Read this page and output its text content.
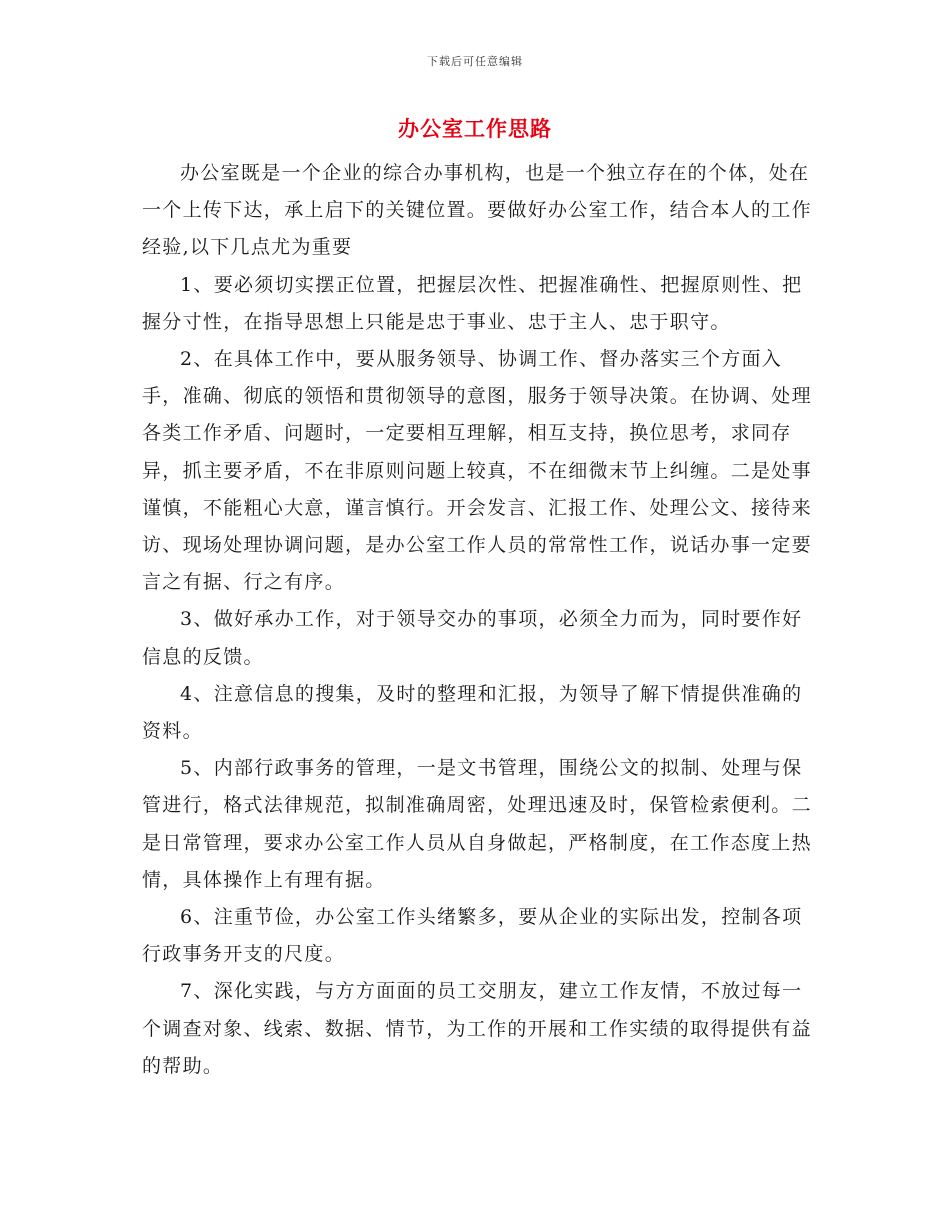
下载后可任意编辑
办公室工作思路

办公室既是一个企业的综合办事机构，也是一个独立存在的个体，处在一个上传下达，承上启下的关键位置。要做好办公室工作，结合本人的工作经验,以下几点尤为重要

1、要必须切实摆正位置，把握层次性、把握准确性、把握原则性、把握分寸性，在指导思想上只能是忠于事业、忠于主人、忠于职守。

2、在具体工作中，要从服务领导、协调工作、督办落实三个方面入手，准确、彻底的领悟和贯彻领导的意图，服务于领导决策。在协调、处理各类工作矛盾、问题时，一定要相互理解，相互支持，换位思考，求同存异，抓主要矛盾，不在非原则问题上较真，不在细微末节上纠缠。二是处事谨慎，不能粗心大意，谨言慎行。开会发言、汇报工作、处理公文、接待来访、现场处理协调问题，是办公室工作人员的常常性工作，说话办事一定要言之有据、行之有序。

3、做好承办工作，对于领导交办的事项，必须全力而为，同时要作好信息的反馈。

4、注意信息的搜集，及时的整理和汇报，为领导了解下情提供准确的资料。

5、内部行政事务的管理，一是文书管理，围绕公文的拟制、处理与保管进行，格式法律规范，拟制准确周密，处理迅速及时，保管检索便利。二是日常管理，要求办公室工作人员从自身做起，严格制度，在工作态度上热情，具体操作上有理有据。

6、注重节俭，办公室工作头绪繁多，要从企业的实际出发，控制各项行政事务开支的尺度。

7、深化实践，与方方面面的员工交朋友，建立工作友情，不放过每一个调查对象、线索、数据、情节，为工作的开展和工作实绩的取得提供有益的帮助。
